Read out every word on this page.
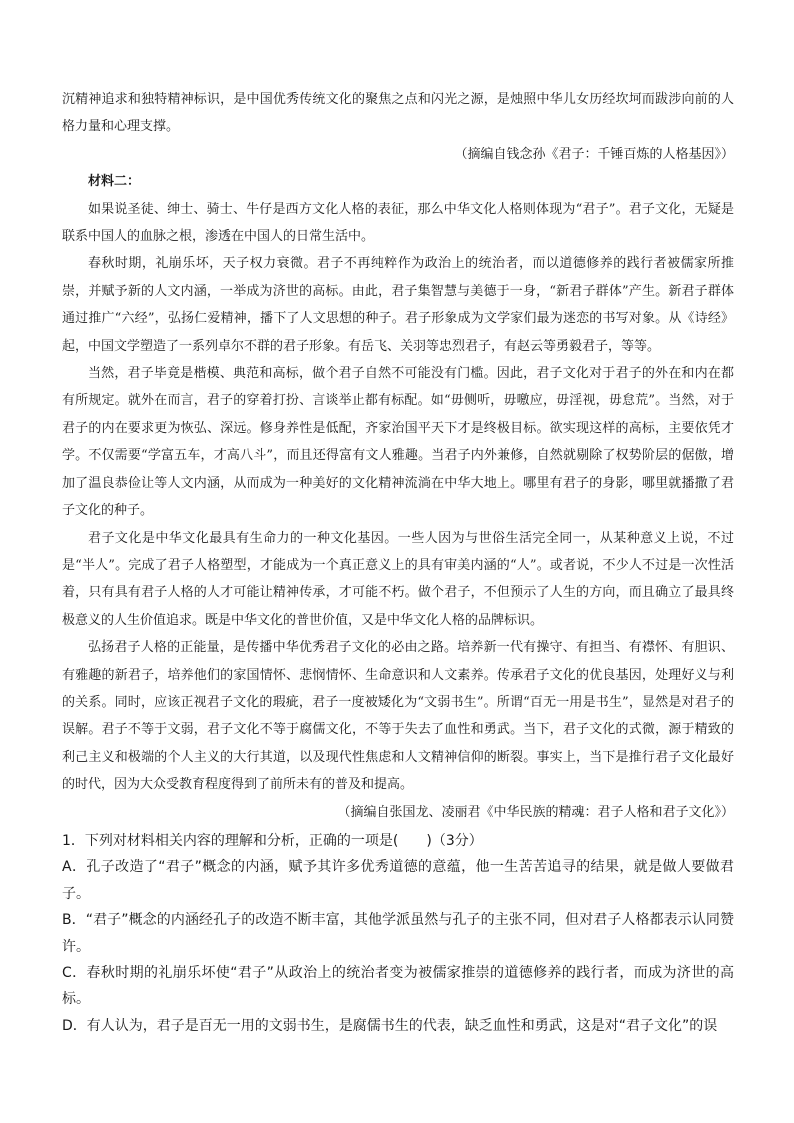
沉精神追求和独特精神标识，是中国优秀传统文化的聚焦之点和闪光之源，是烛照中华儿女历经坎坷而跋涉向前的人格力量和心理支撑。

（摘编自钱念孙《君子：千锤百炼的人格基因》）

材料二：

如果说圣徒、绅士、骑士、牛仔是西方文化人格的表征，那么中华文化人格则体现为“君子”。君子文化，无疑是联系中国人的血脉之根，渗透在中国人的日常生活中。

春秋时期，礼崩乐坏，天子权力衰微。君子不再纯粹作为政治上的统治者，而以道德修养的践行者被儒家所推崇，并赋予新的人文内涵，一举成为济世的高标。由此，君子集智慧与美德于一身，“新君子群体”产生。新君子群体通过推广“六经”，弘扬仁爱精神，播下了人文思想的种子。君子形象成为文学家们最为迷恋的书写对象。从《诗经》起，中国文学塑造了一系列卓尔不群的君子形象。有岳飞、关羽等忠烈君子，有赵云等勇毅君子，等等。

当然，君子毕竟是楷模、典范和高标，做个君子自然不可能没有门槛。因此，君子文化对于君子的外在和内在都有所规定。就外在而言，君子的穿着打扮、言谈举止都有标配。如“毋侧听，毋噭应，毋淫视，毋怠荒”。当然，对于君子的内在要求更为恢弘、深远。修身养性是低配，齐家治国平天下才是终极目标。欲实现这样的高标，主要依凭才学。不仅需要“学富五车，才高八斗”，而且还得富有文人雅趣。当君子内外兼修，自然就剔除了权势阶层的倨傲，增加了温良恭俭让等人文内涵，从而成为一种美好的文化精神流淌在中华大地上。哪里有君子的身影，哪里就播撒了君子文化的种子。

君子文化是中华文化最具有生命力的一种文化基因。一些人因为与世俗生活完全同一，从某种意义上说，不过是“半人”。完成了君子人格塑型，才能成为一个真正意义上的具有审美内涵的“人”。或者说，不少人不过是一次性活着，只有具有君子人格的人才可能让精神传承，才可能不朽。做个君子，不但预示了人生的方向，而且确立了最具终极意义的人生价值追求。既是中华文化的普世价值，又是中华文化人格的品牌标识。

弘扬君子人格的正能量，是传播中华优秀君子文化的必由之路。培养新一代有操守、有担当、有襟怀、有胆识、有雅趣的新君子，培养他们的家国情怀、悲悯情怀、生命意识和人文素养。传承君子文化的优良基因，处理好义与利的关系。同时，应该正视君子文化的瑕疵，君子一度被矮化为“文弱书生”。所谓“百无一用是书生”，显然是对君子的误解。君子不等于文弱，君子文化不等于腐儒文化，不等于失去了血性和勇武。当下，君子文化的式微，源于精致的利己主义和极端的个人主义的大行其道，以及现代性焦虑和人文精神信仰的断裂。事实上，当下是推行君子文化最好的时代，因为大众受教育程度得到了前所未有的普及和提高。

（摘编自张国龙、凌丽君《中华民族的精魂：君子人格和君子文化》）

1．下列对材料相关内容的理解和分析，正确的一项是(　　)（3分）

A．孔子改造了“君子”概念的内涵，赋予其许多优秀道德的意蕴，他一生苦苦追寻的结果，就是做人要做君子。

B．“君子”概念的内涵经孔子的改造不断丰富，其他学派虽然与孔子的主张不同，但对君子人格都表示认同赞许。

C．春秋时期的礼崩乐坏使“君子”从政治上的统治者变为被儒家推崇的道德修养的践行者，而成为济世的高标。

D．有人认为，君子是百无一用的文弱书生，是腐儒书生的代表，缺乏血性和勇武，这是对“君子文化”的误
